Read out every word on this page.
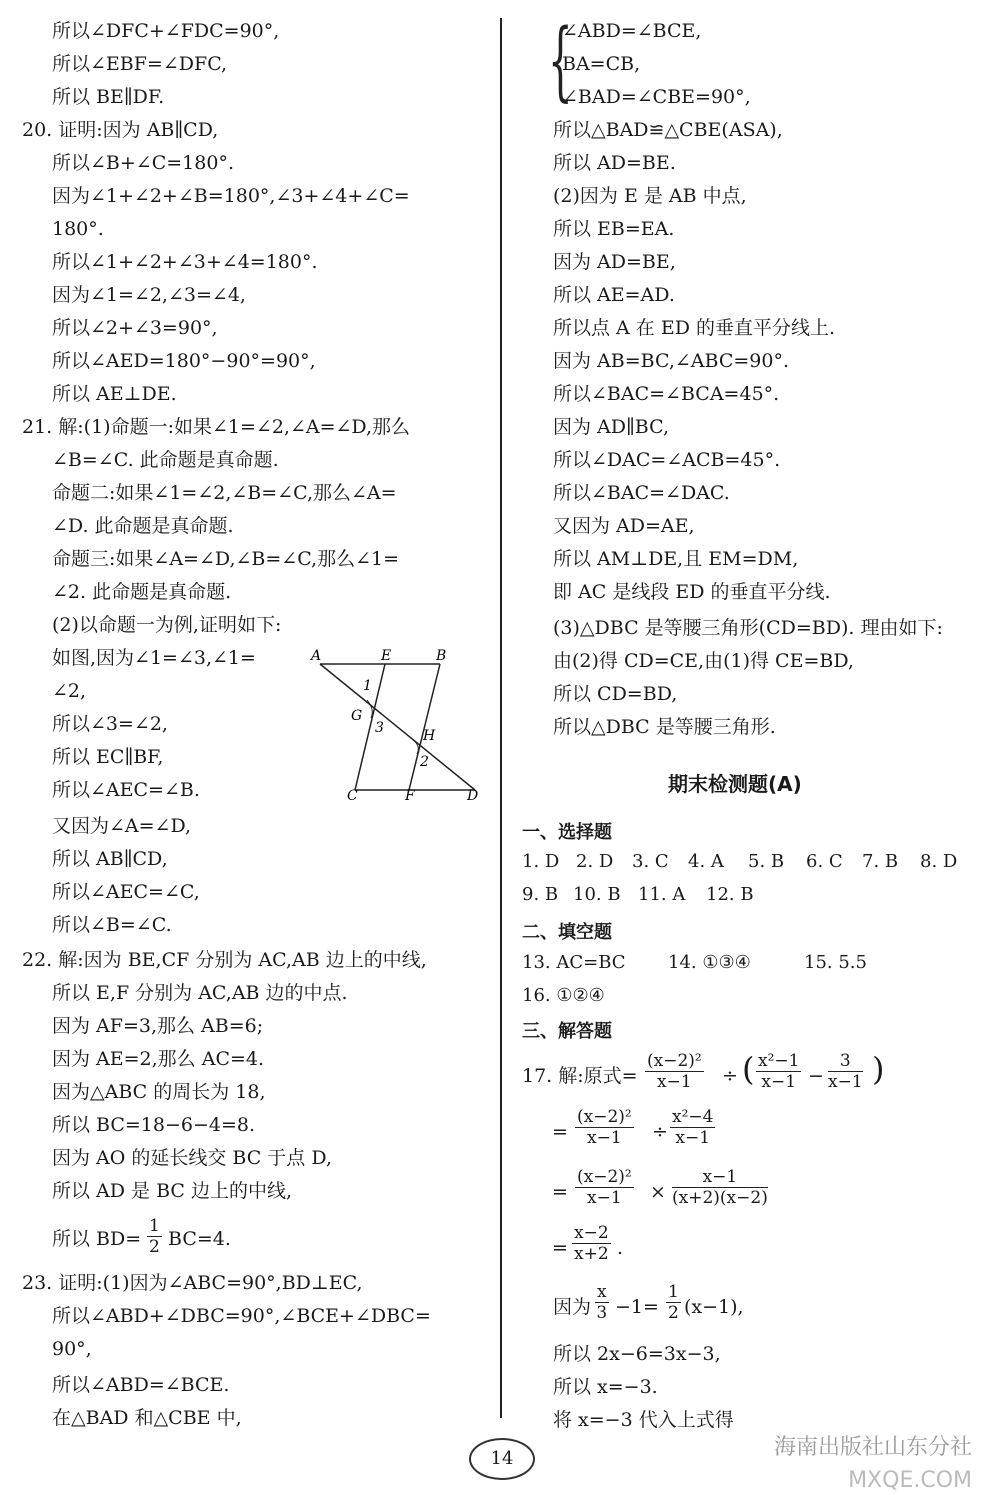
所以∠DFC+∠FDC=90°,
所以∠EBF=∠DFC,
所以 BE∥DF.
20. 证明:因为 AB∥CD,
所以∠B+∠C=180°.
因为∠1+∠2+∠B=180°,∠3+∠4+∠C=
180°.
所以∠1+∠2+∠3+∠4=180°.
因为∠1=∠2,∠3=∠4,
所以∠2+∠3=90°,
所以∠AED=180°−90°=90°,
所以 AE⊥DE.
21. 解:(1)命题一:如果∠1=∠2,∠A=∠D,那么
∠B=∠C. 此命题是真命题.
命题二:如果∠1=∠2,∠B=∠C,那么∠A=
∠D. 此命题是真命题.
命题三:如果∠A=∠D,∠B=∠C,那么∠1=
∠2. 此命题是真命题.
(2)以命题一为例,证明如下:
如图,因为∠1=∠3,∠1=
∠2,
所以∠3=∠2,
所以 EC∥BF,
所以∠AEC=∠B.
又因为∠A=∠D,
所以 AB∥CD,
所以∠AEC=∠C,
所以∠B=∠C.
22. 解:因为 BE,CF 分别为 AC,AB 边上的中线,
所以 E,F 分别为 AC,AB 边的中点.
因为 AF=3,那么 AB=6;
因为 AE=2,那么 AC=4.
因为△ABC 的周长为 18,
所以 BC=18−6−4=8.
因为 AO 的延长线交 BC 于点 D,
所以 AD 是 BC 边上的中线,
23. 证明:(1)因为∠ABC=90°,BD⊥EC,
所以∠ABD+∠DBC=90°,∠BCE+∠DBC=
90°,
所以∠ABD=∠BCE.
在△BAD 和△CBE 中,
所以 $BD= \frac{1}{2} BC=4$.
A	E	B
G
H
C	F	D
1
2
3
{
∠ABD=∠BCE,
BA=CB,
∠BAD=∠CBE=90°,
所以△BAD≌△CBE(ASA),
所以 AD=BE.
(2)因为 E 是 AB 中点,
所以 EB=EA.
因为 AD=BE,
所以 AE=AD.
所以点 A 在 ED 的垂直平分线上.
因为 AB=BC,∠ABC=90°.
所以∠BAC=∠BCA=45°.
因为 AD∥BC,
所以∠DAC=∠ACB=45°.
所以∠BAC=∠DAC.
又因为 AD=AE,
所以 AM⊥DE,且 EM=DM,
即 AC 是线段 ED 的垂直平分线.
(3)△DBC 是等腰三角形(CD=BD). 理由如下:
由(2)得 CD=CE,由(1)得 CE=BD,
所以 CD=BD,
所以△DBC 是等腰三角形.
期末检测题(A)
一、选择题
1. D 2. D 3. C 4. A 5. B 6. C 7. B 8. D
9. B 10. B 11. A 12. B
二、填空题
13. AC=BC 14. ①③④	15. 5.5
16. ①②④
三、解答题
17. 解:原式= $\frac{\text{(x−2)²}}{x-1}$ ÷ ( $\frac{\text{x²−1}}{x-1} - \frac{3}{x-1}$ )
= $\frac{\text{(x−2)²}}{x-1} \div \frac{\text{x²−4}}{x-1}$
= $\frac{\text{(x−2)²}}{x-1} \times \frac{x-1}{(x+2)(x-2)}$
= $\frac{x-2}{x+2}$ .
因为 $\frac{x}{3} -1= \frac{1}{2} (x-1)$,
所以 2x−6=3x−3,
所以 x=−3.
将 x=−3 代入上式得
14	海南出版社山东分社
MXQE.COM
